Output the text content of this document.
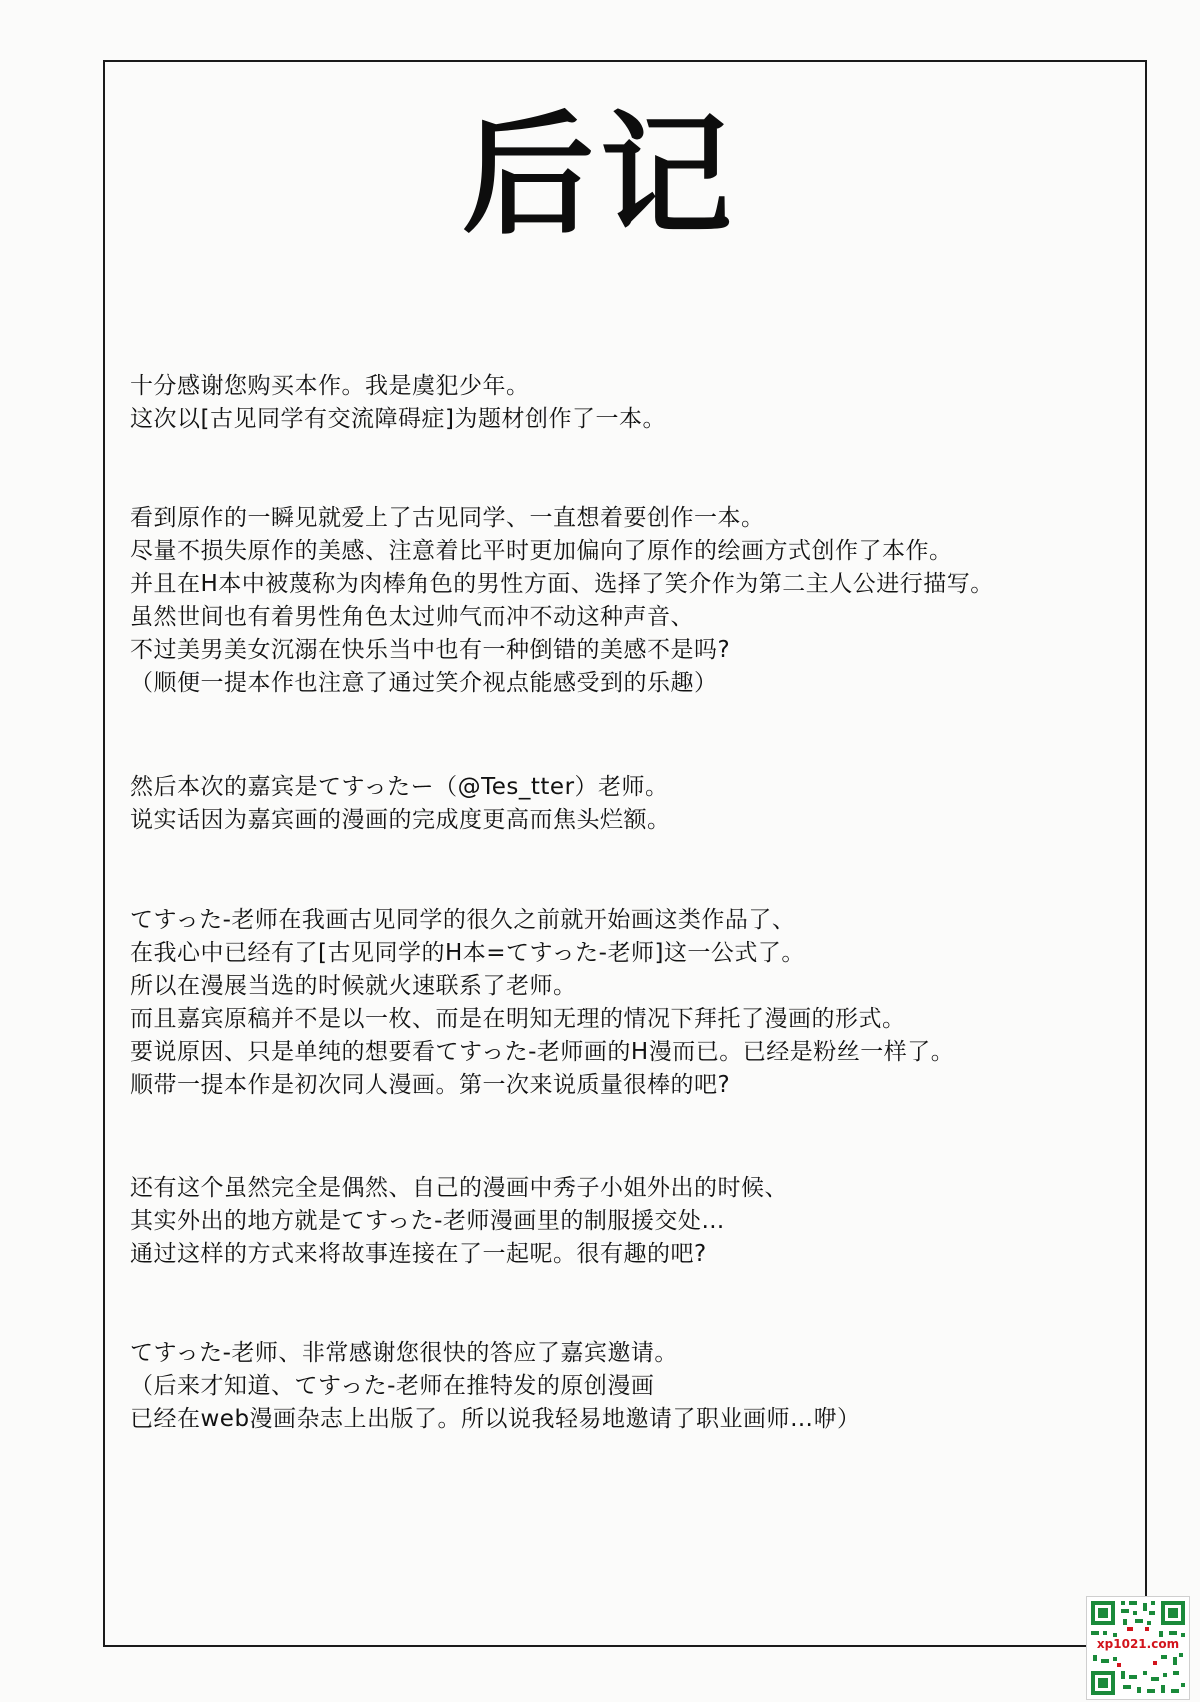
后记
十分感谢您购买本作。我是虞犯少年。
这次以[古见同学有交流障碍症]为题材创作了一本。
看到原作的一瞬见就爱上了古见同学、一直想着要创作一本。
尽量不损失原作的美感、注意着比平时更加偏向了原作的绘画方式创作了本作。
并且在H本中被蔑称为肉棒角色的男性方面、选择了笑介作为第二主人公进行描写。
虽然世间也有着男性角色太过帅气而冲不动这种声音、
不过美男美女沉溺在快乐当中也有一种倒错的美感不是吗?
（顺便一提本作也注意了通过笑介视点能感受到的乐趣）
然后本次的嘉宾是てすったー（@Tes_tter）老师。
说实话因为嘉宾画的漫画的完成度更高而焦头烂额。
てすった-老师在我画古见同学的很久之前就开始画这类作品了、
在我心中已经有了[古见同学的H本=てすった-老师]这一公式了。
所以在漫展当选的时候就火速联系了老师。
而且嘉宾原稿并不是以一枚、而是在明知无理的情况下拜托了漫画的形式。
要说原因、只是单纯的想要看てすった-老师画的H漫而已。已经是粉丝一样了。
顺带一提本作是初次同人漫画。第一次来说质量很棒的吧?
还有这个虽然完全是偶然、自己的漫画中秀子小姐外出的时候、
其实外出的地方就是てすった-老师漫画里的制服援交处…
通过这样的方式来将故事连接在了一起呢。很有趣的吧?
てすった-老师、非常感谢您很快的答应了嘉宾邀请。
（后来才知道、てすった-老师在推特发的原创漫画
已经在web漫画杂志上出版了。所以说我轻易地邀请了职业画师…咿）
xp1021.com
